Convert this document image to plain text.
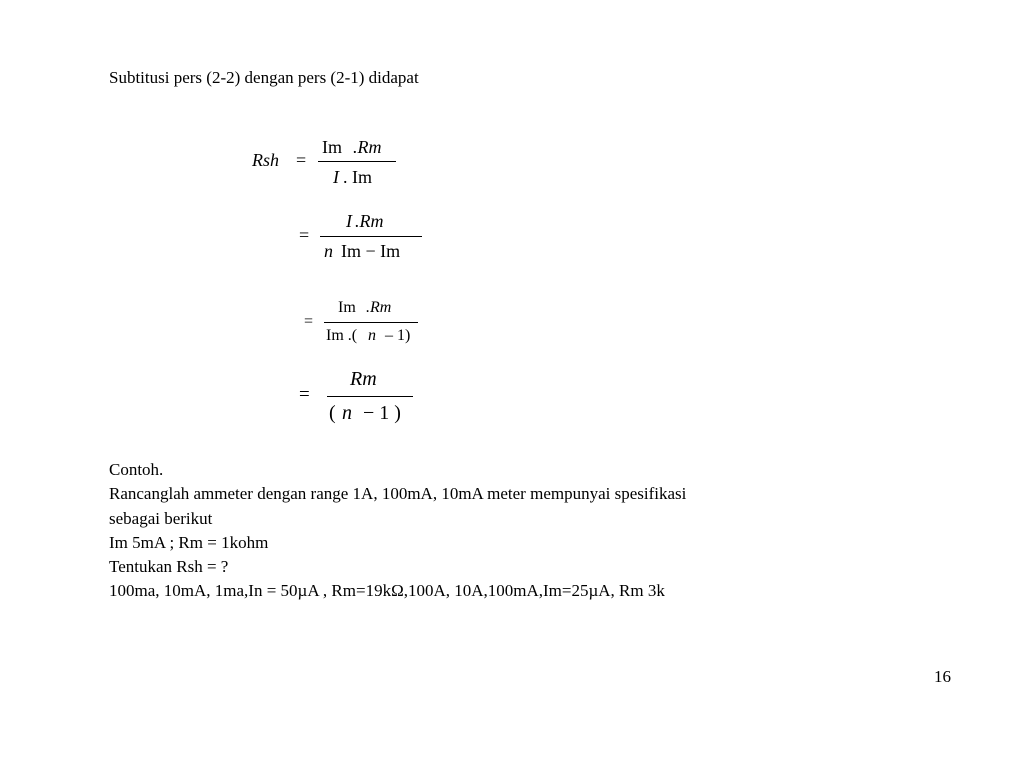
Subtitusi pers (2-2) dengan pers (2-1) didapat
Rsh =
Im .Rm
I . Im
=
I .Rm
n Im − Im
=
Im .Rm
Im .( n – 1)
=
Rm
( n − 1 )
Contoh.
Rancanglah ammeter dengan range 1A, 100mA, 10mA meter mempunyai spesifikasi
sebagai berikut
Im 5mA ; Rm = 1kohm
Tentukan Rsh = ?
100ma, 10mA, 1ma,In = 50µA , Rm=19kΩ,100A, 10A,100mA,Im=25µA, Rm 3k
16
